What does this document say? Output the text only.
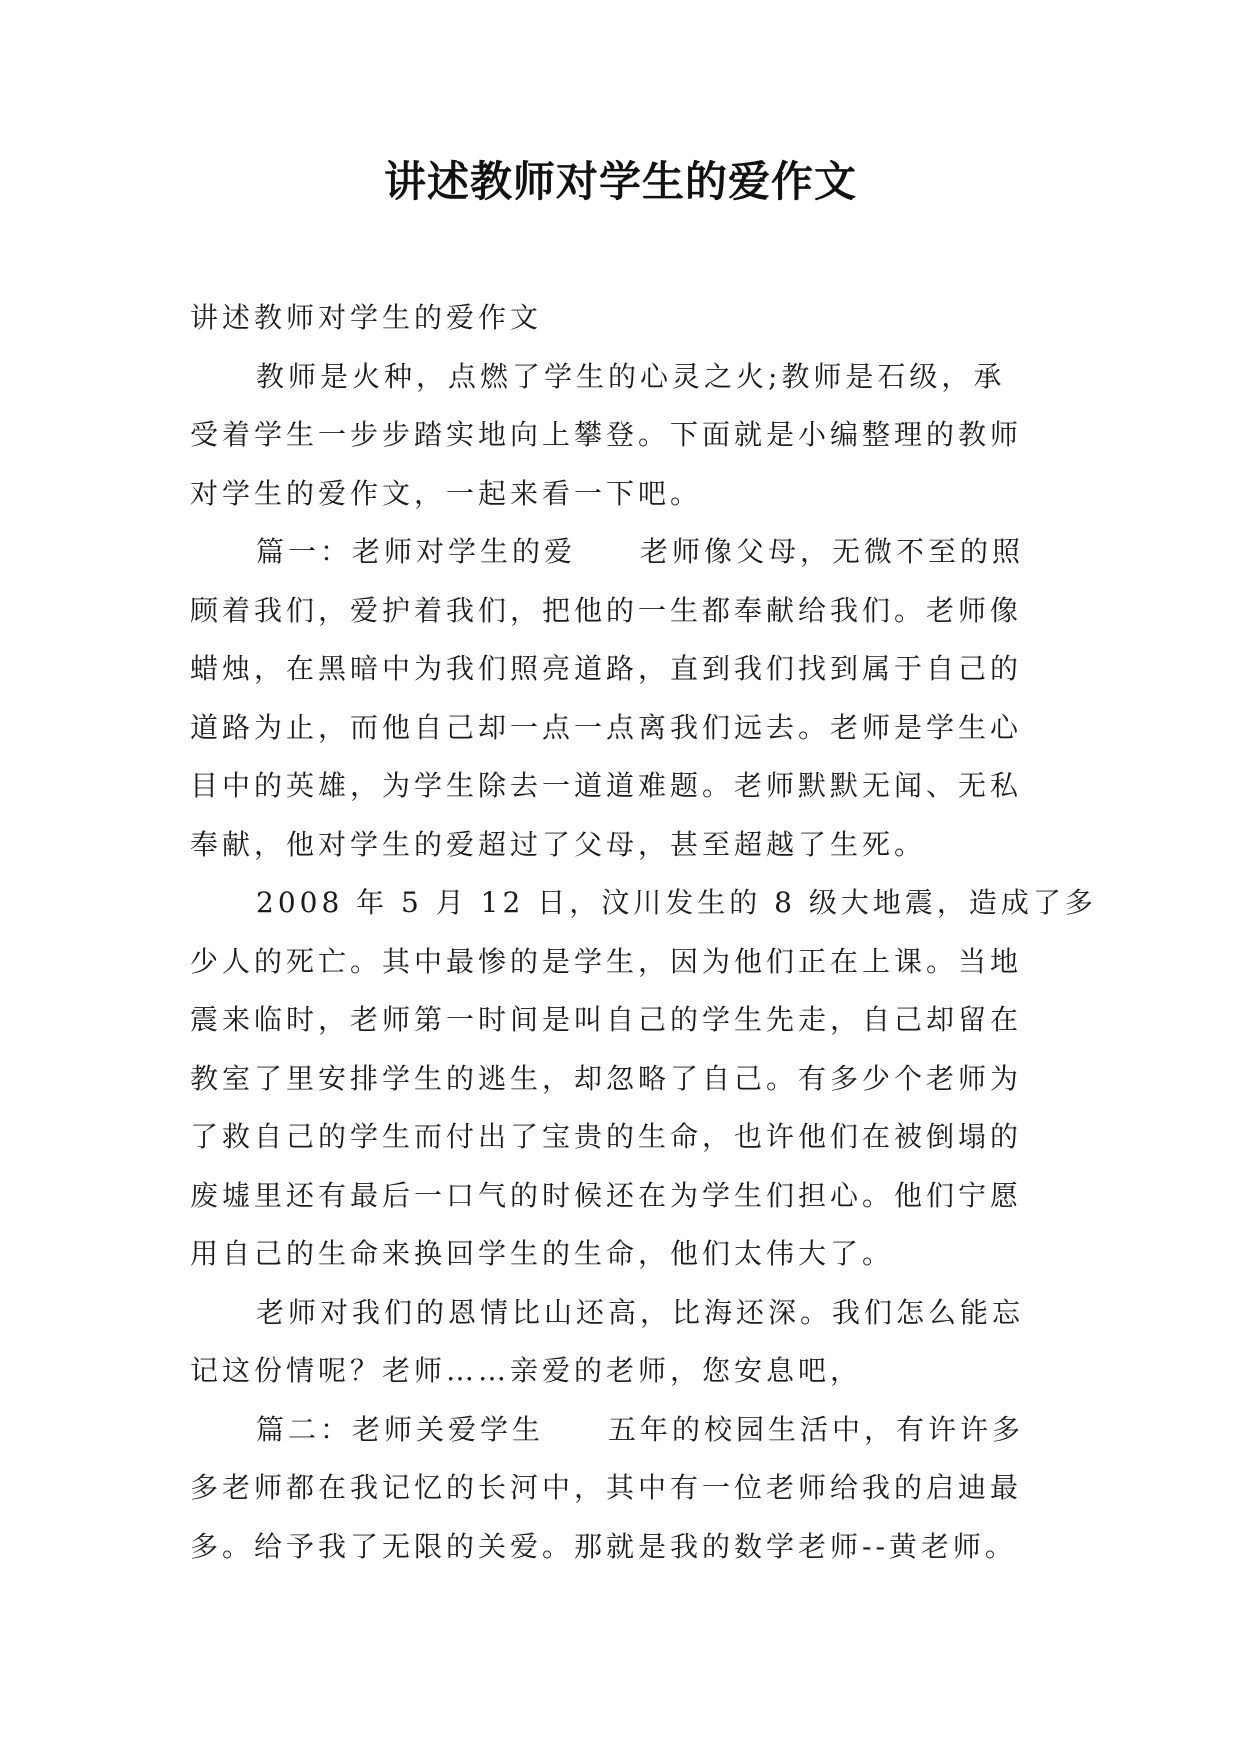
讲述教师对学生的爱作文
讲述教师对学生的爱作文
教师是火种，点燃了学生的心灵之火;教师是石级，承
受着学生一步步踏实地向上攀登。下面就是小编整理的教师
对学生的爱作文，一起来看一下吧。
篇一：老师对学生的爱 老师像父母，无微不至的照
顾着我们，爱护着我们，把他的一生都奉献给我们。老师像
蜡烛，在黑暗中为我们照亮道路，直到我们找到属于自己的
道路为止，而他自己却一点一点离我们远去。老师是学生心
目中的英雄，为学生除去一道道难题。老师默默无闻、无私
奉献，他对学生的爱超过了父母，甚至超越了生死。
2008 年 5 月 12 日，汶川发生的 8 级大地震，造成了多
少人的死亡。其中最惨的是学生，因为他们正在上课。当地
震来临时，老师第一时间是叫自己的学生先走，自己却留在
教室了里安排学生的逃生，却忽略了自己。有多少个老师为
了救自己的学生而付出了宝贵的生命，也许他们在被倒塌的
废墟里还有最后一口气的时候还在为学生们担心。他们宁愿
用自己的生命来换回学生的生命，他们太伟大了。
老师对我们的恩情比山还高，比海还深。我们怎么能忘
记这份情呢？老师……亲爱的老师，您安息吧，
篇二：老师关爱学生 五年的校园生活中，有许许多
多老师都在我记忆的长河中，其中有一位老师给我的启迪最
多。给予我了无限的关爱。那就是我的数学老师--黄老师。
